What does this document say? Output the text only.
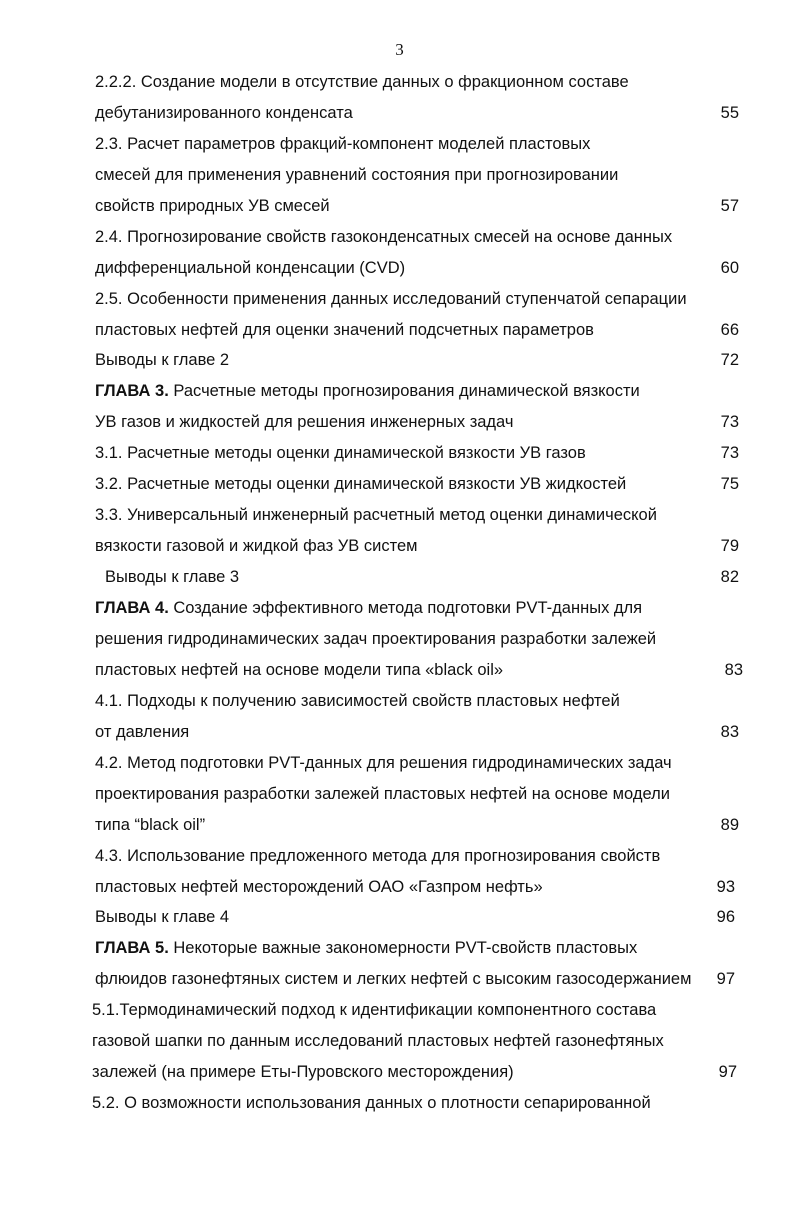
3
2.2.2. Создание модели в отсутствие данных о фракционном составе
дебутанизированного конденсата	55
2.3. Расчет параметров фракций-компонент моделей пластовых
смесей для применения уравнений состояния при прогнозировании
свойств природных УВ смесей	57
2.4. Прогнозирование свойств газоконденсатных смесей на основе данных
дифференциальной конденсации (CVD)	60
2.5. Особенности применения данных исследований ступенчатой сепарации
пластовых нефтей для оценки значений подсчетных параметров	66
Выводы к главе 2	72
ГЛАВА 3. Расчетные методы прогнозирования динамической вязкости
УВ газов и жидкостей для решения инженерных задач	73
3.1. Расчетные методы оценки динамической вязкости УВ газов	73
3.2. Расчетные методы оценки динамической вязкости УВ жидкостей	75
3.3. Универсальный инженерный расчетный метод оценки динамической
вязкости газовой и жидкой фаз УВ систем	79
Выводы к главе 3	82
ГЛАВА 4. Создание эффективного метода подготовки PVT-данных для
решения гидродинамических задач проектирования разработки залежей
пластовых нефтей на основе модели типа «black oil»	83
4.1. Подходы к получению зависимостей свойств пластовых нефтей
от давления	83
4.2. Метод подготовки PVT-данных для решения гидродинамических задач
проектирования разработки залежей пластовых нефтей на основе модели
типа “black oil”	89
4.3. Использование предложенного метода для прогнозирования свойств
пластовых нефтей месторождений ОАО «Газпром нефть»	93
Выводы к главе 4	96
ГЛАВА 5. Некоторые важные закономерности PVT-свойств пластовых
флюидов газонефтяных систем и легких нефтей с высоким газосодержанием 97
5.1.Термодинамический подход к идентификации компонентного состава
газовой шапки по данным исследований пластовых нефтей газонефтяных
залежей (на примере Еты-Пуровского месторождения)	97
5.2. О возможности использования данных о плотности сепарированной
